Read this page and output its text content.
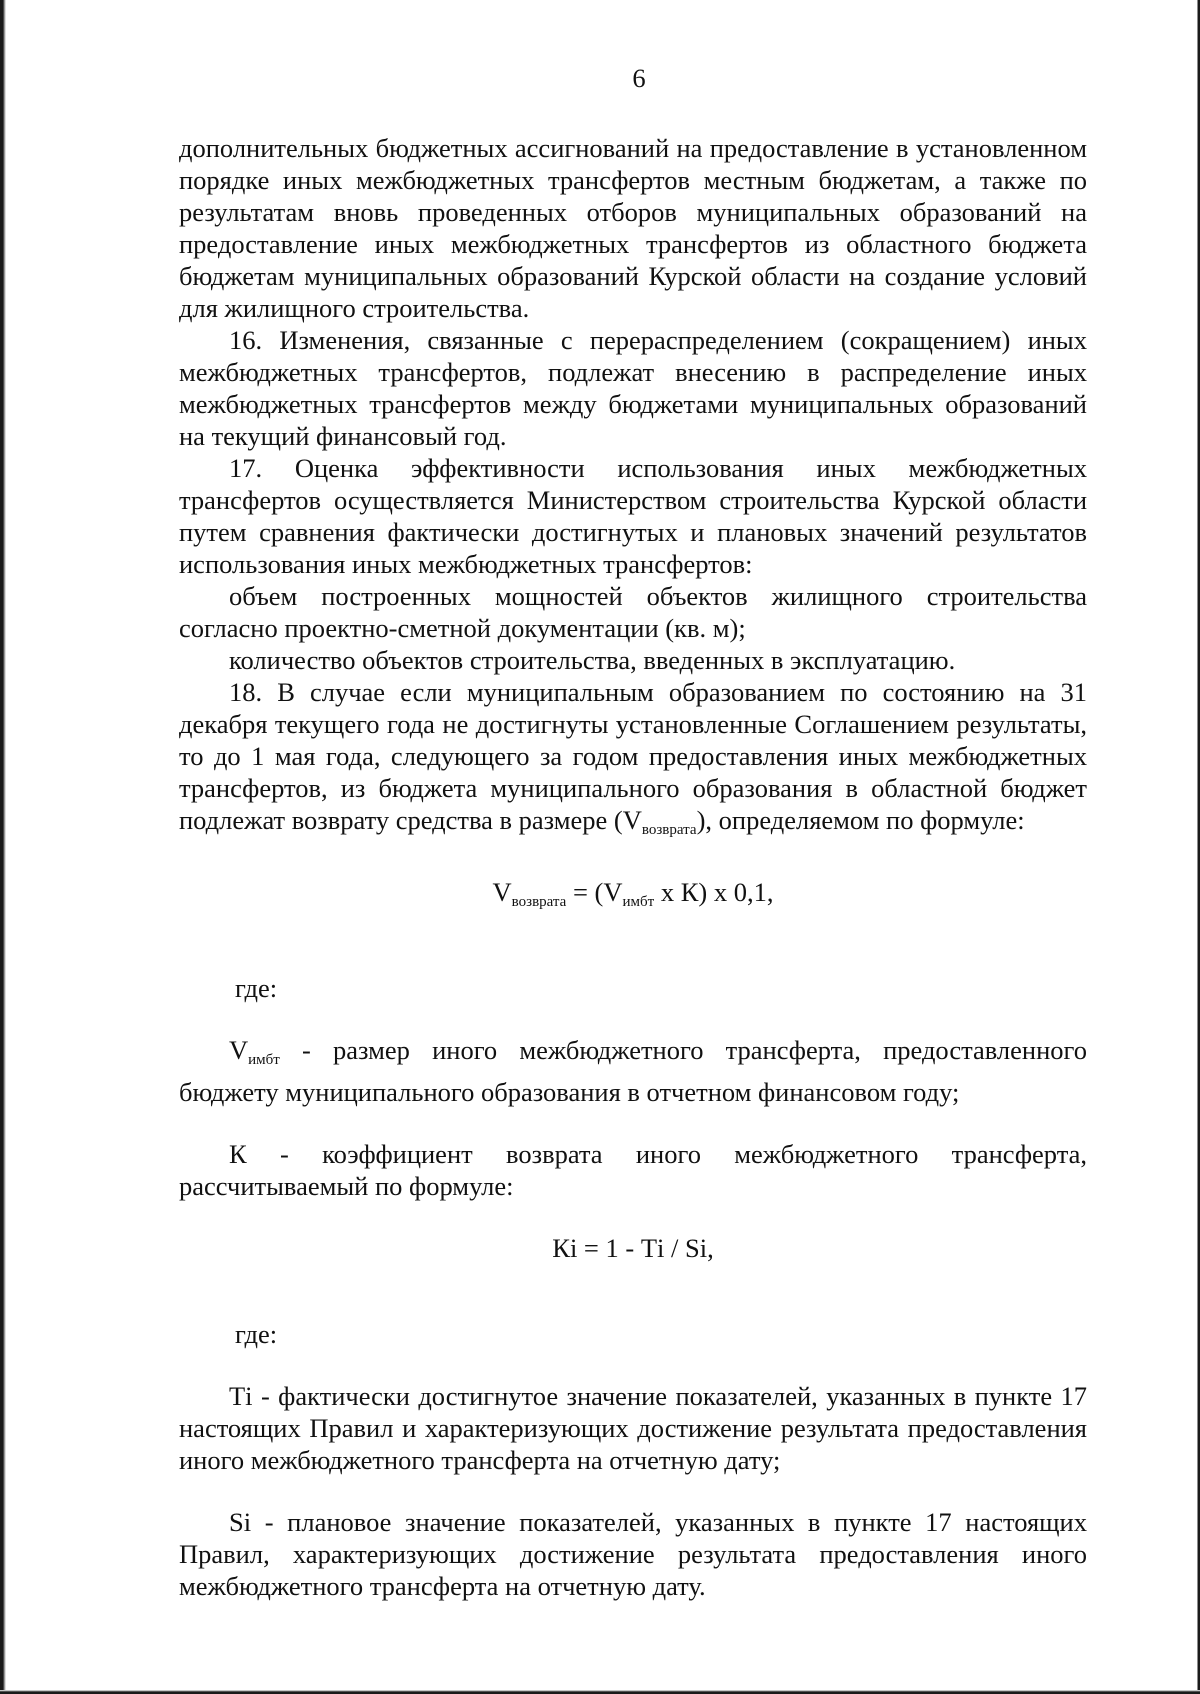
6

дополнительных бюджетных ассигнований на предоставление в установленном порядке иных межбюджетных трансфертов местным бюджетам, а также по результатам вновь проведенных отборов муниципальных образований на предоставление иных межбюджетных трансфертов из областного бюджета бюджетам муниципальных образований Курской области на создание условий для жилищного строительства.

16. Изменения, связанные с перераспределением (сокращением) иных межбюджетных трансфертов, подлежат внесению в распределение иных межбюджетных трансфертов между бюджетами муниципальных образований на текущий финансовый год.

17. Оценка эффективности использования иных межбюджетных трансфертов осуществляется Министерством строительства Курской области путем сравнения фактически достигнутых и плановых значений результатов использования иных межбюджетных трансфертов:

объем построенных мощностей объектов жилищного строительства согласно проектно-сметной документации (кв. м);

количество объектов строительства, введенных в эксплуатацию.

18. В случае если муниципальным образованием по состоянию на 31 декабря текущего года не достигнуты установленные Соглашением результаты, то до 1 мая года, следующего за годом предоставления иных межбюджетных трансфертов, из бюджета муниципального образования в областной бюджет подлежат возврату средства в размере $(V_{возврата})$, определяемом по формуле:

$V_{возврата} = (V_{имбт}$ x К) x 0,1,

где:

$V_{имбт}$ - размер иного межбюджетного трансферта, предоставленного бюджету муниципального образования в отчетном финансовом году;

К - коэффициент возврата иного межбюджетного трансферта, рассчитываемый по формуле:

Кi = 1 - Тi / Si,

где:

Тi - фактически достигнутое значение показателей, указанных в пункте 17 настоящих Правил и характеризующих достижение результата предоставления иного межбюджетного трансферта на отчетную дату;

Si - плановое значение показателей, указанных в пункте 17 настоящих Правил, характеризующих достижение результата предоставления иного межбюджетного трансферта на отчетную дату.
